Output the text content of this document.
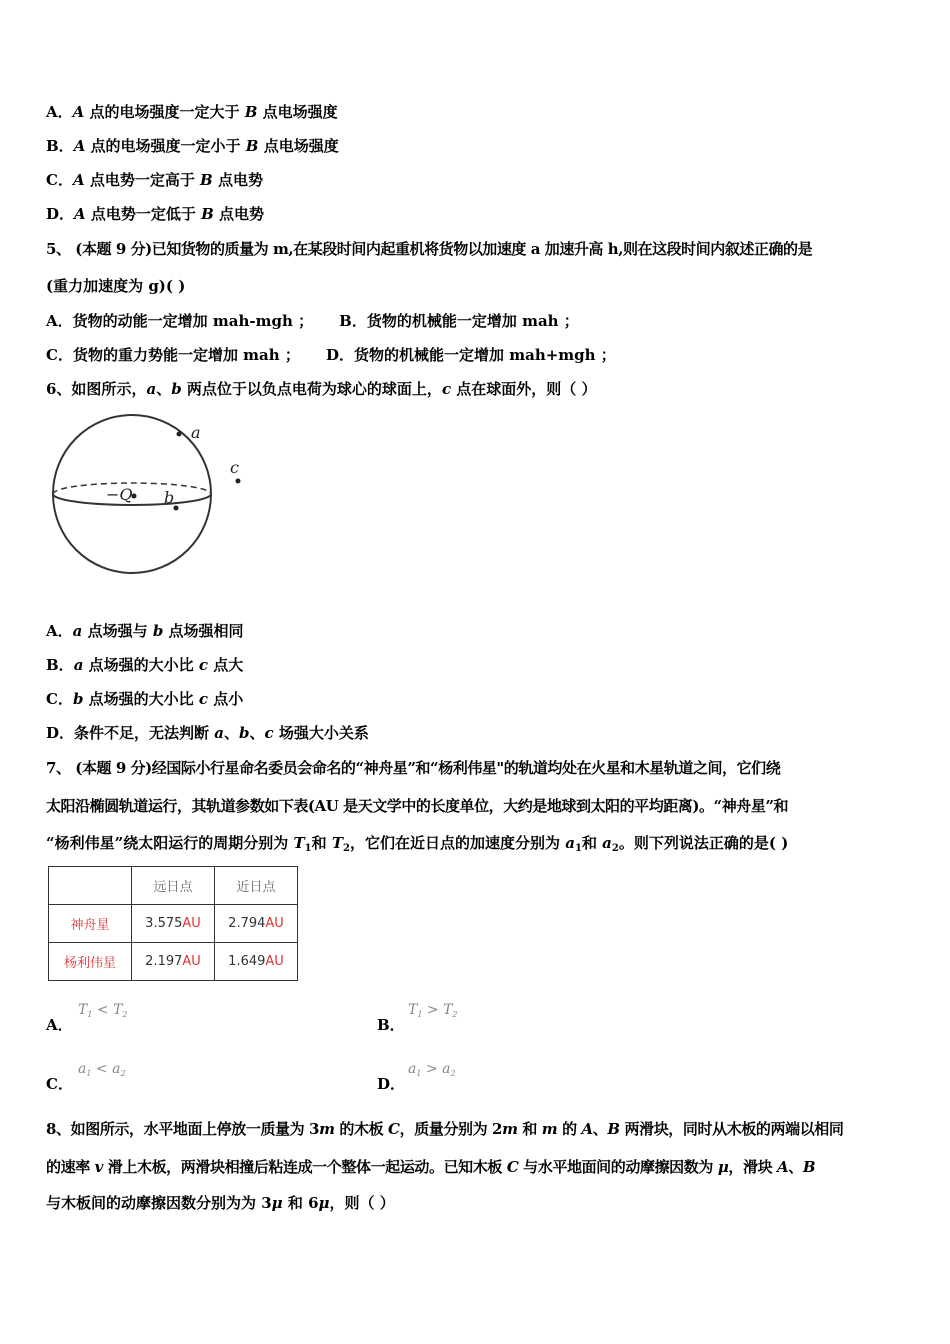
A．A 点的电场强度一定大于 B 点电场强度
B．A 点的电场强度一定小于 B 点电场强度
C．A 点电势一定高于 B 点电势
D．A 点电势一定低于 B 点电势
5、 (本题 9 分)已知货物的质量为 m,在某段时间内起重机将货物以加速度 a 加速升高 h,则在这段时间内叙述正确的是
(重力加速度为 g)( )
A．货物的动能一定增加 mah-mgh ；     B．货物的机械能一定增加 mah ；
C．货物的重力势能一定增加 mah ；     D．货物的机械能一定增加 mah+mgh ；
6、如图所示，a、b 两点位于以负点电荷为球心的球面上，c 点在球面外，则（ ）
a
b
c
−Q
A．a 点场强与 b 点场强相同
B．a 点场强的大小比 c 点大
C．b 点场强的大小比 c 点小
D．条件不足，无法判断 a、b、c 场强大小关系
7、 (本题 9 分)经国际小行星命名委员会命名的“神舟星”和“杨利伟星"的轨道均处在火星和木星轨道之间，它们绕
太阳沿椭圆轨道运行，其轨道参数如下表(AU 是天文学中的长度单位，大约是地球到太阳的平均距离)。“神舟星”和
“杨利伟星”绕太阳运行的周期分别为 $T_1$和 $T_2$，它们在近日点的加速度分别为 $a_1$和 $a_2$。则下列说法正确的是( )
	远日点	近日点
神舟星	3.575AU	2.794AU
杨利伟星	2.197AU	1.649AU
A．
$T_1 < T_2$
B．
$T_1 > T_2$
C．
$a_1 < a_2$
D．
$a_1 > a_2$
8、如图所示，水平地面上停放一质量为 3m 的木板 C，质量分别为 2m 和 m 的 A、B 两滑块，同时从木板的两端以相同
的速率 v 滑上木板，两滑块相撞后粘连成一个整体一起运动。已知木板 C 与水平地面间的动摩擦因数为 μ，滑块 A、B
与木板间的动摩擦因数分别为为 3μ 和 6μ，则（ ）
